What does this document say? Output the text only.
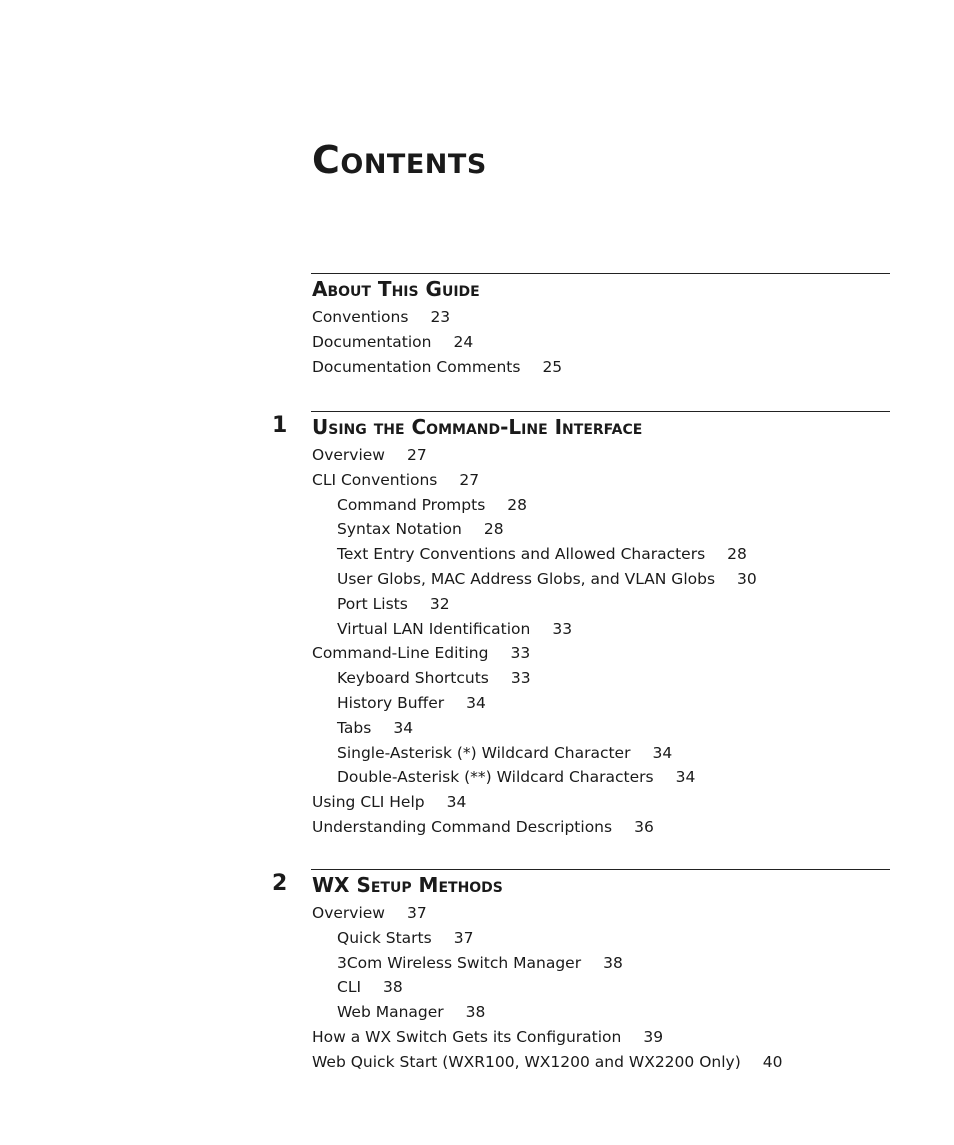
Contents
About This Guide
Conventions 23
Documentation 24
Documentation Comments 25
1 Using the Command-Line Interface
Overview 27
CLI Conventions 27
Command Prompts 28
Syntax Notation 28
Text Entry Conventions and Allowed Characters 28
User Globs, MAC Address Globs, and VLAN Globs 30
Port Lists 32
Virtual LAN Identification 33
Command-Line Editing 33
Keyboard Shortcuts 33
History Buffer 34
Tabs 34
Single-Asterisk (*) Wildcard Character 34
Double-Asterisk (**) Wildcard Characters 34
Using CLI Help 34
Understanding Command Descriptions 36
2 WX Setup Methods
Overview 37
Quick Starts 37
3Com Wireless Switch Manager 38
CLI 38
Web Manager 38
How a WX Switch Gets its Configuration 39
Web Quick Start (WXR100, WX1200 and WX2200 Only) 40
